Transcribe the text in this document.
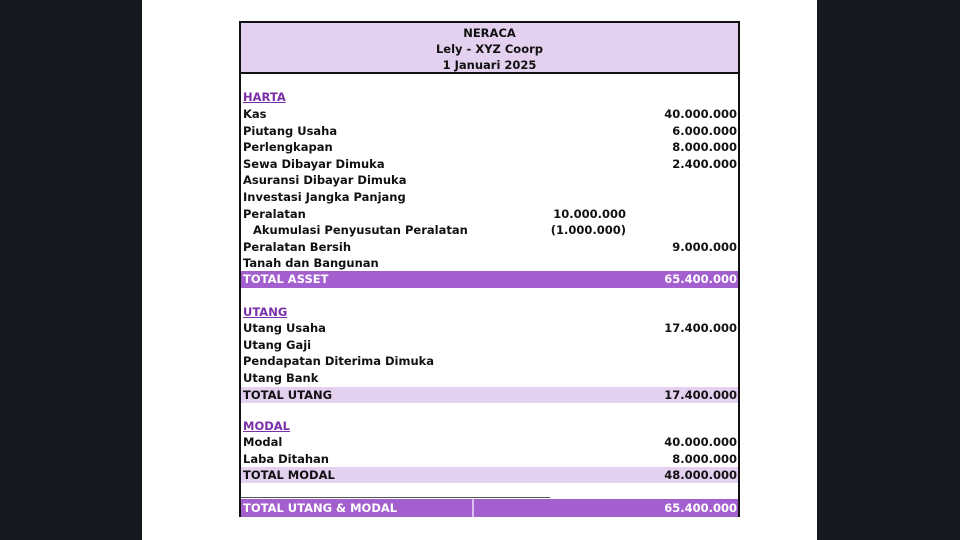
NERACA
Lely - XYZ Coorp
1 Januari 2025
HARTA
Kas	40.000.000
Piutang Usaha	6.000.000
Perlengkapan	8.000.000
Sewa Dibayar Dimuka	2.400.000
Asuransi Dibayar Dimuka
Investasi Jangka Panjang
Peralatan	10.000.000
Akumulasi Penyusutan Peralatan	(1.000.000)
Peralatan Bersih	9.000.000
Tanah dan Bangunan
TOTAL ASSET	65.400.000
UTANG
Utang Usaha	17.400.000
Utang Gaji
Pendapatan Diterima Dimuka
Utang Bank
TOTAL UTANG	17.400.000
MODAL
Modal	40.000.000
Laba Ditahan	8.000.000
TOTAL MODAL	48.000.000
TOTAL UTANG & MODAL	65.400.000
